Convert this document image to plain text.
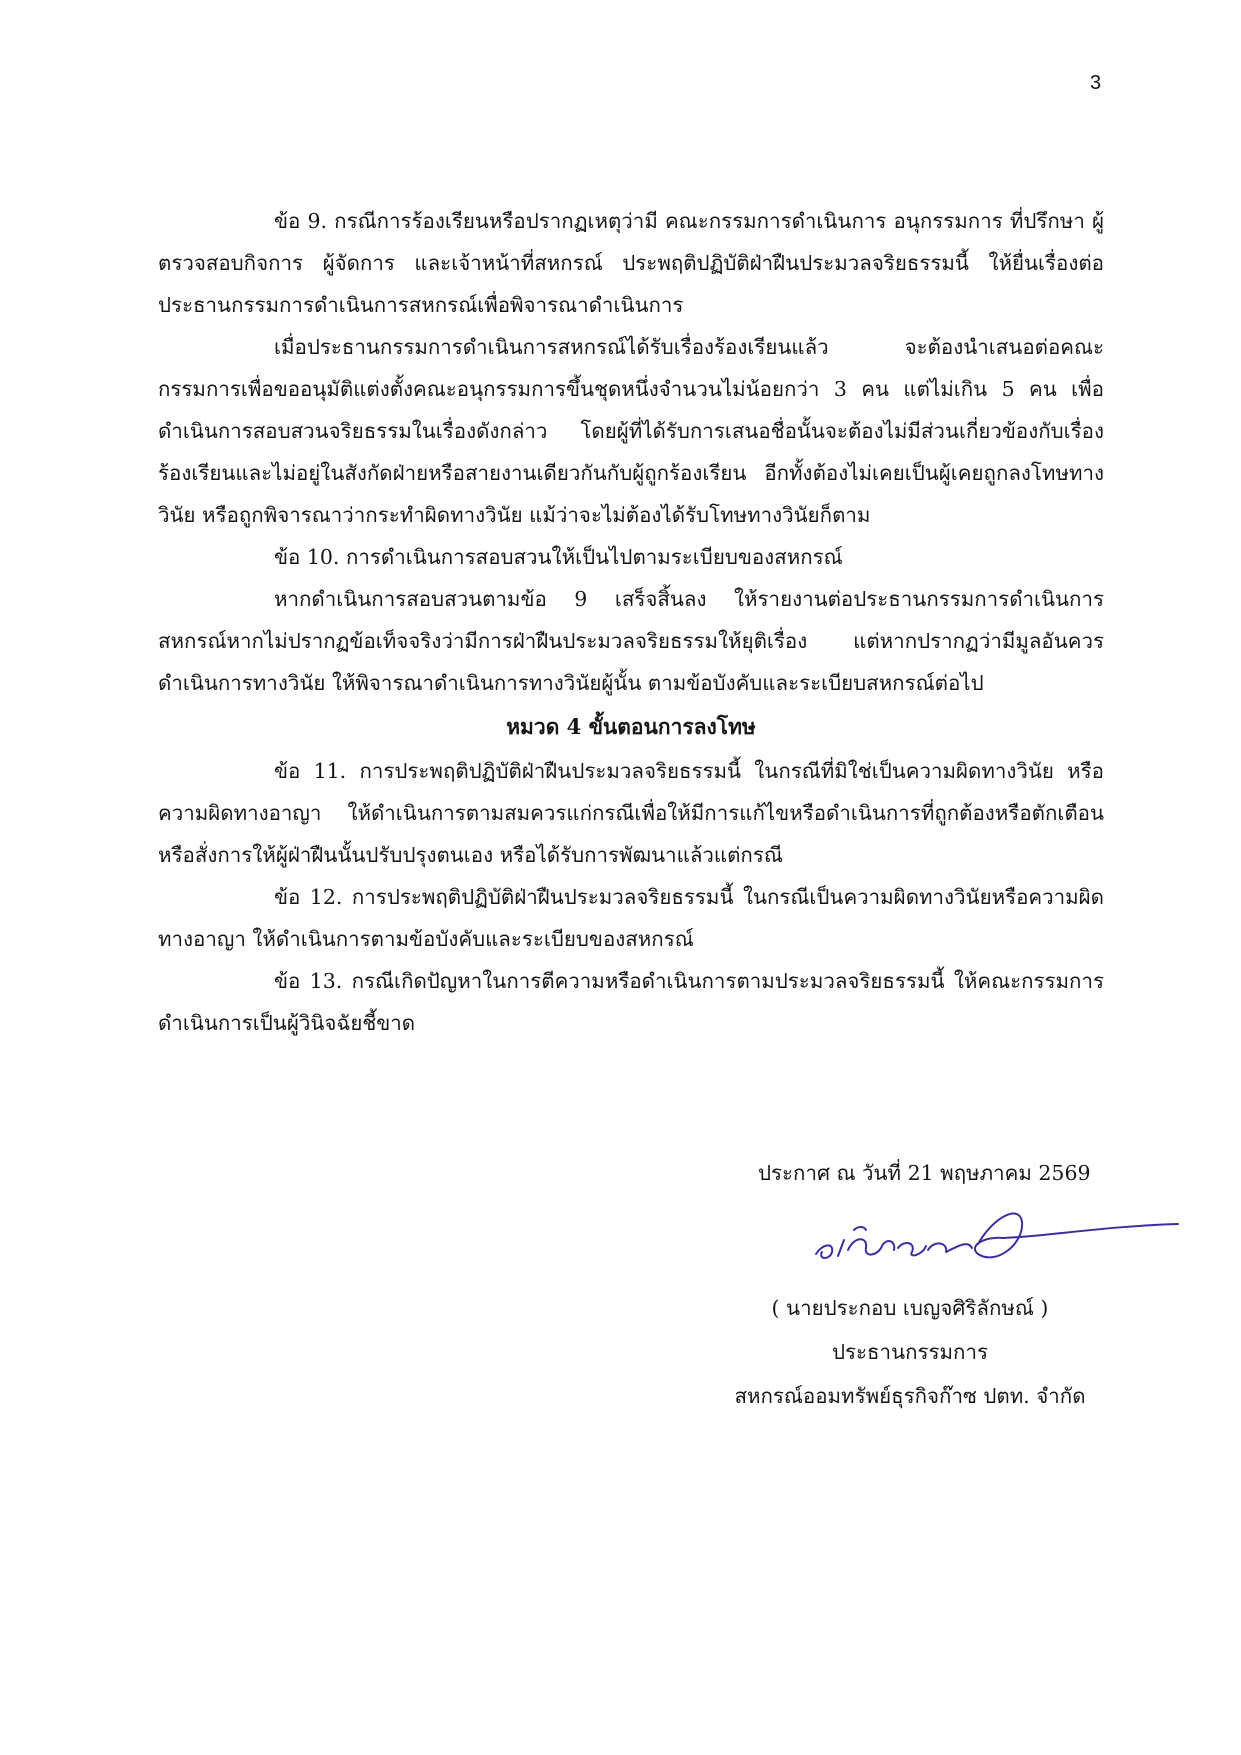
3

ข้อ 9. กรณีการร้องเรียนหรือปรากฏเหตุว่ามี คณะกรรมการดำเนินการ อนุกรรมการ ที่ปรึกษา ผู้ตรวจสอบกิจการ ผู้จัดการ และเจ้าหน้าที่สหกรณ์ ประพฤติปฏิบัติฝ่าฝืนประมวลจริยธรรมนี้ ให้ยื่นเรื่องต่อประธานกรรมการดำเนินการสหกรณ์เพื่อพิจารณาดำเนินการ

เมื่อประธานกรรมการดำเนินการสหกรณ์ได้รับเรื่องร้องเรียนแล้ว จะต้องนำเสนอต่อคณะกรรมการเพื่อขออนุมัติแต่งตั้งคณะอนุกรรมการขึ้นชุดหนึ่งจำนวนไม่น้อยกว่า 3 คน แต่ไม่เกิน 5 คน เพื่อดำเนินการสอบสวนจริยธรรมในเรื่องดังกล่าว โดยผู้ที่ได้รับการเสนอชื่อนั้นจะต้องไม่มีส่วนเกี่ยวข้องกับเรื่องร้องเรียนและไม่อยู่ในสังกัดฝ่ายหรือสายงานเดียวกันกับผู้ถูกร้องเรียน อีกทั้งต้องไม่เคยเป็นผู้เคยถูกลงโทษทางวินัย หรือถูกพิจารณาว่ากระทำผิดทางวินัย แม้ว่าจะไม่ต้องได้รับโทษทางวินัยก็ตาม

ข้อ 10. การดำเนินการสอบสวนให้เป็นไปตามระเบียบของสหกรณ์

หากดำเนินการสอบสวนตามข้อ 9 เสร็จสิ้นลง ให้รายงานต่อประธานกรรมการดำเนินการสหกรณ์หากไม่ปรากฏข้อเท็จจริงว่ามีการฝ่าฝืนประมวลจริยธรรมให้ยุติเรื่อง แต่หากปรากฏว่ามีมูลอันควรดำเนินการทางวินัย ให้พิจารณาดำเนินการทางวินัยผู้นั้น ตามข้อบังคับและระเบียบสหกรณ์ต่อไป

หมวด 4 ขั้นตอนการลงโทษ

ข้อ 11. การประพฤติปฏิบัติฝ่าฝืนประมวลจริยธรรมนี้ ในกรณีที่มิใช่เป็นความผิดทางวินัย หรือความผิดทางอาญา ให้ดำเนินการตามสมควรแก่กรณีเพื่อให้มีการแก้ไขหรือดำเนินการที่ถูกต้องหรือตักเตือนหรือสั่งการให้ผู้ฝ่าฝืนนั้นปรับปรุงตนเอง หรือได้รับการพัฒนาแล้วแต่กรณี

ข้อ 12. การประพฤติปฏิบัติฝ่าฝืนประมวลจริยธรรมนี้ ในกรณีเป็นความผิดทางวินัยหรือความผิดทางอาญา ให้ดำเนินการตามข้อบังคับและระเบียบของสหกรณ์

ข้อ 13. กรณีเกิดปัญหาในการตีความหรือดำเนินการตามประมวลจริยธรรมนี้ ให้คณะกรรมการดำเนินการเป็นผู้วินิจฉัยชี้ขาด

ประกาศ ณ วันที่ 21 พฤษภาคม 2569
( นายประกอบ เบญจศิริลักษณ์ )
ประธานกรรมการ
สหกรณ์ออมทรัพย์ธุรกิจก๊าซ ปตท. จำกัด
